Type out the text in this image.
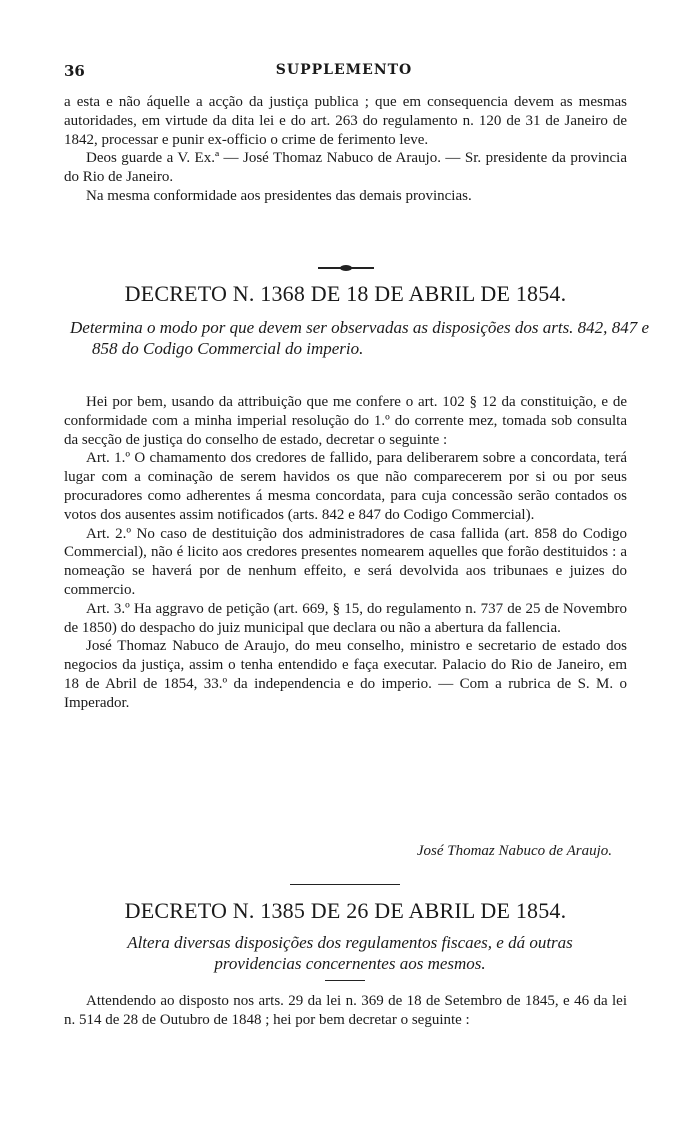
36	SUPPLEMENTO

a esta e não áquelle a acção da justiça publica ; que em consequencia devem as mesmas autoridades, em virtude da dita lei e do art. 263 do regulamento n. 120 de 31 de Janeiro de 1842, processar e punir ex-officio o crime de ferimento leve.

Deos guarde a V. Ex.ª — José Thomaz Nabuco de Araujo. — Sr. presidente da provincia do Rio de Janeiro.

Na mesma conformidade aos presidentes das demais provincias.

DECRETO N. 1368 DE 18 DE ABRIL DE 1854.

Determina o modo por que devem ser observadas as disposições dos arts. 842, 847 e 858 do Codigo Commercial do imperio.

Hei por bem, usando da attribuição que me confere o art. 102 § 12 da constituição, e de conformidade com a minha imperial resolução do 1.º do corrente mez, tomada sob consulta da secção de justiça do conselho de estado, decretar o seguinte :

Art. 1.º O chamamento dos credores de fallido, para deliberarem sobre a concordata, terá lugar com a cominação de serem havidos os que não comparecerem por si ou por seus procuradores como adherentes á mesma concordata, para cuja concessão serão contados os votos dos ausentes assim notificados (arts. 842 e 847 do Codigo Commercial).

Art. 2.º No caso de destituição dos administradores de casa fallida (art. 858 do Codigo Commercial), não é licito aos credores presentes nomearem aquelles que forão destituidos : a nomeação se haverá por de nenhum effeito, e será devolvida aos tribunaes e juizes do commercio.

Art. 3.º Ha aggravo de petição (art. 669, § 15, do regulamento n. 737 de 25 de Novembro de 1850) do despacho do juiz municipal que declara ou não a abertura da fallencia.

José Thomaz Nabuco de Araujo, do meu conselho, ministro e secretario de estado dos negocios da justiça, assim o tenha entendido e faça executar. Palacio do Rio de Janeiro, em 18 de Abril de 1854, 33.º da independencia e do imperio. — Com a rubrica de S. M. o Imperador.

José Thomaz Nabuco de Araujo.

DECRETO N. 1385 DE 26 DE ABRIL DE 1854.

Altera diversas disposições dos regulamentos fiscaes, e dá outras providencias concernentes aos mesmos.

Attendendo ao disposto nos arts. 29 da lei n. 369 de 18 de Setembro de 1845, e 46 da lei n. 514 de 28 de Outubro de 1848 ; hei por bem decretar o seguinte :
